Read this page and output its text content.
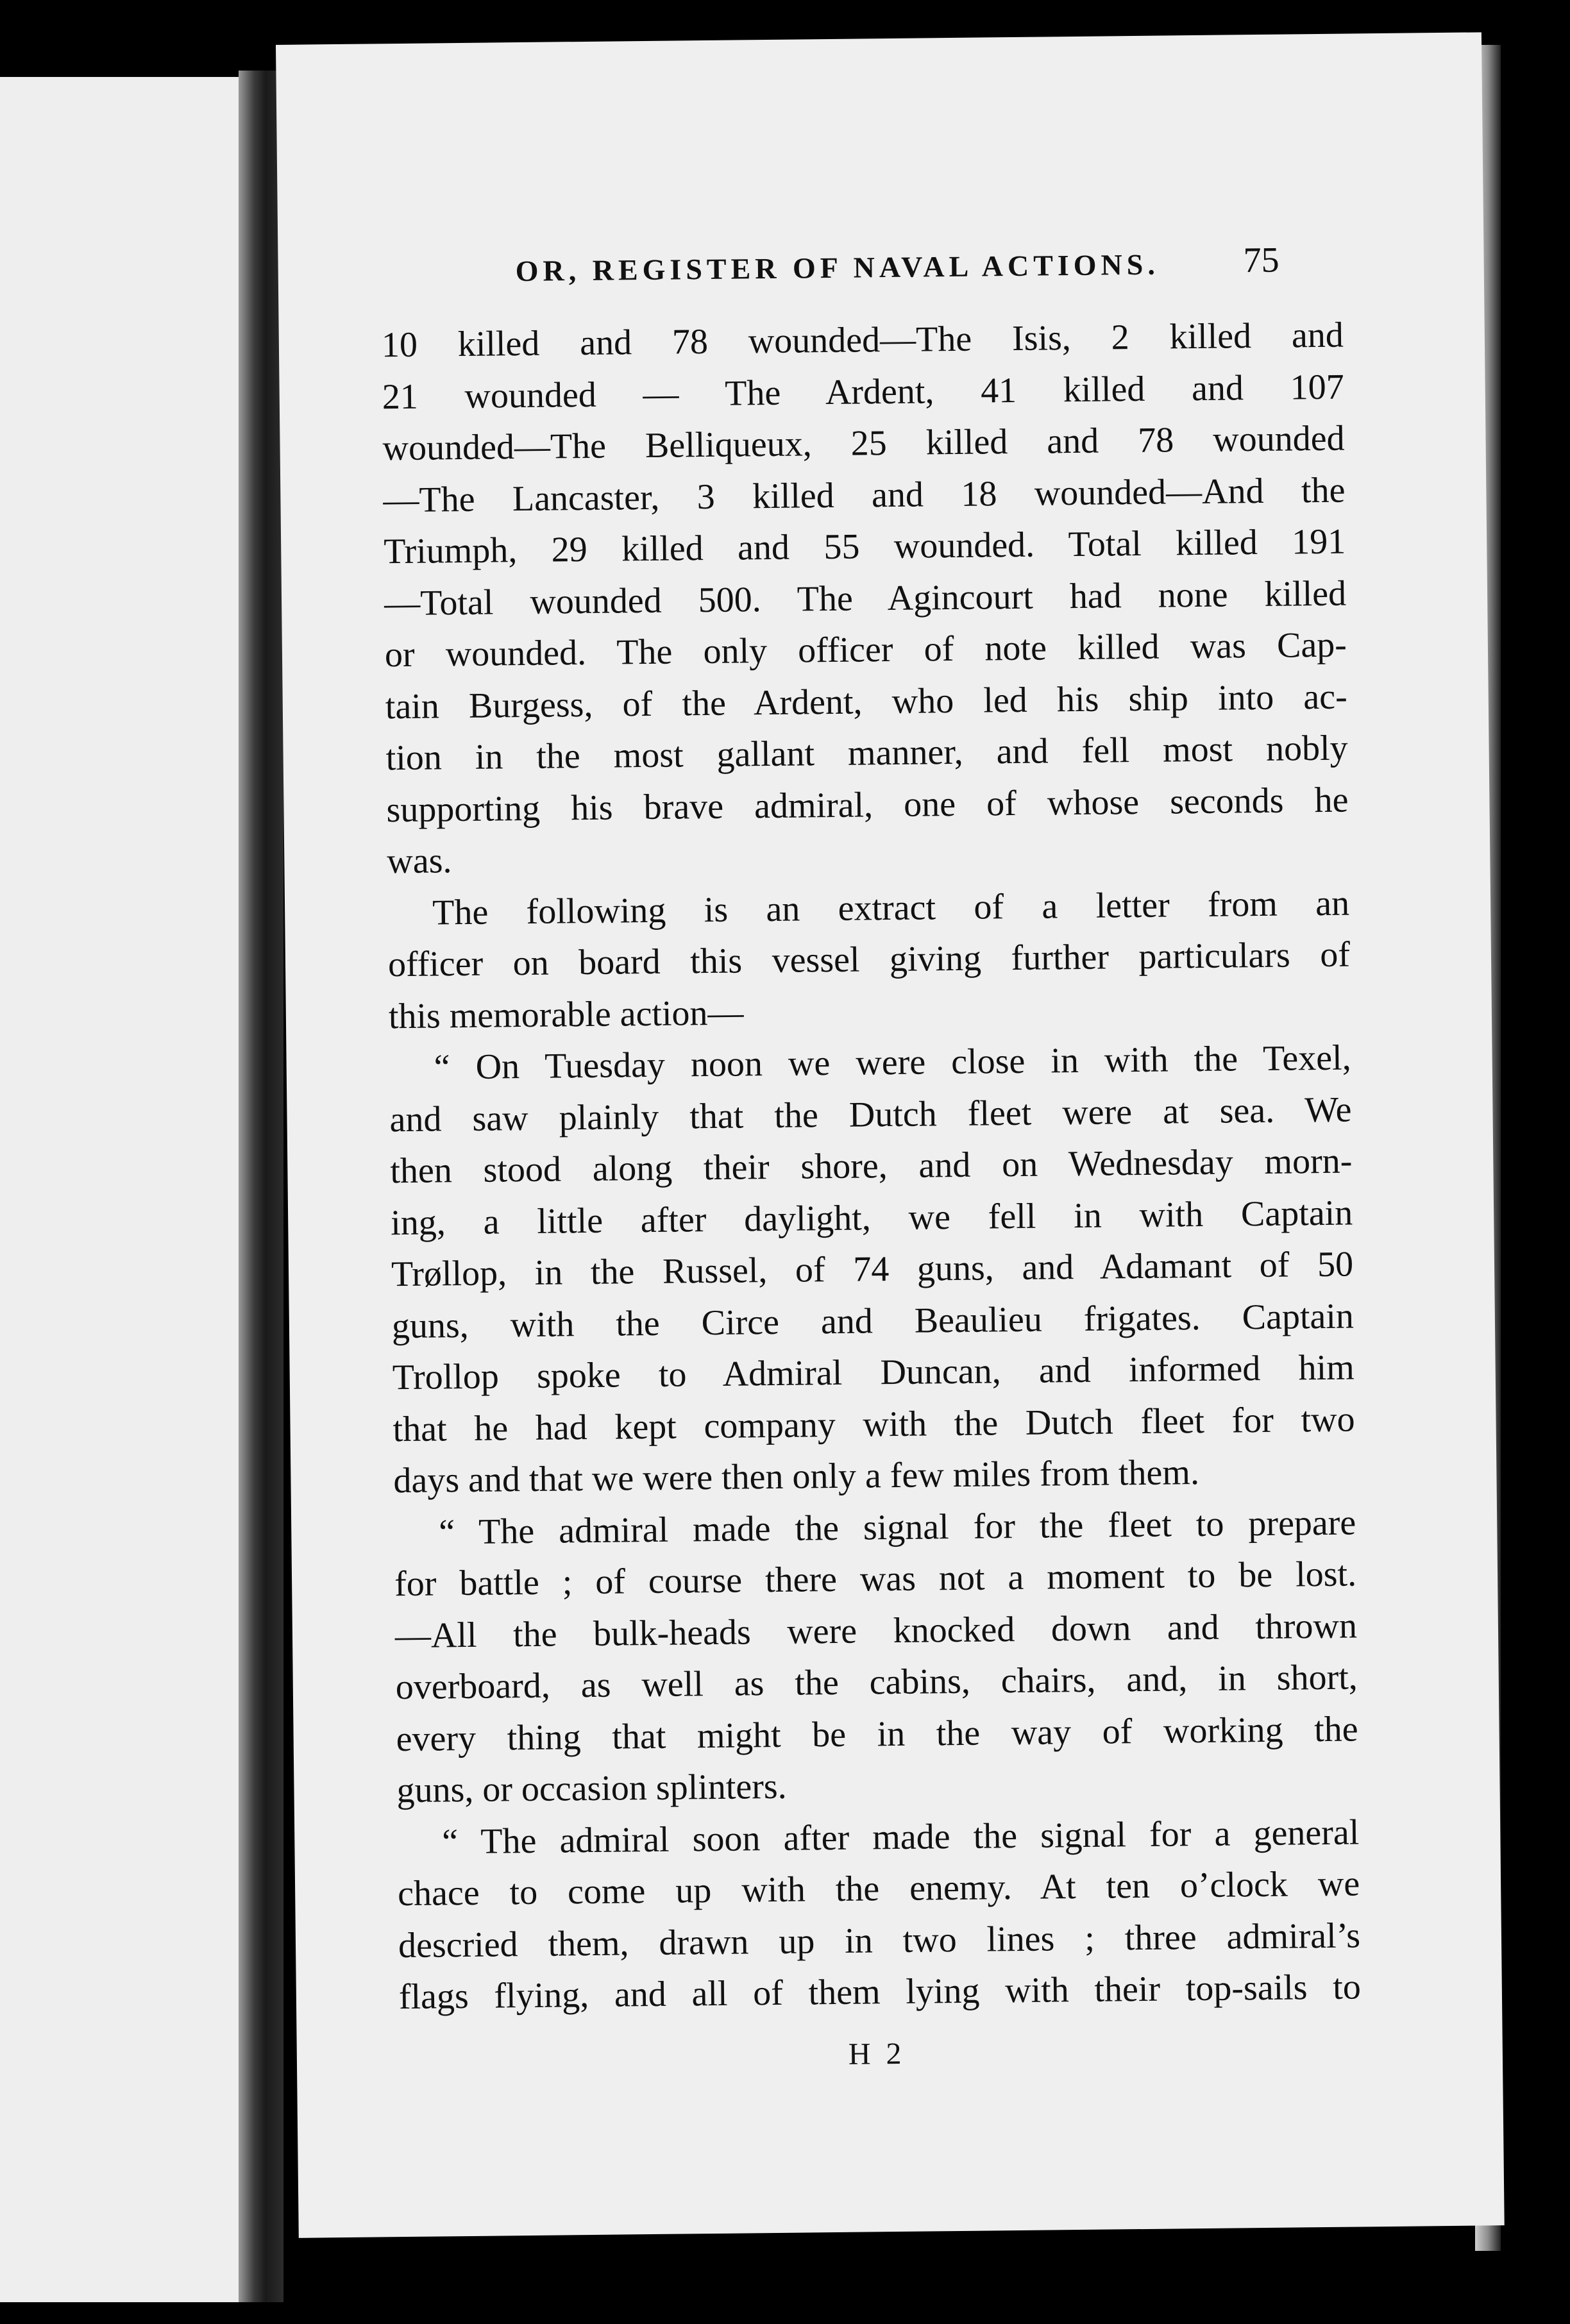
OR, REGISTER OF NAVAL ACTIONS.	75
10 killed and 78 wounded—The Isis, 2 killed and
21 wounded — The Ardent, 41 killed and 107
wounded—The Belliqueux, 25 killed and 78 wounded
—The Lancaster, 3 killed and 18 wounded—And the
Triumph, 29 killed and 55 wounded. Total killed 191
—Total wounded 500. The Agincourt had none killed
or wounded. The only officer of note killed was Cap-
tain Burgess, of the Ardent, who led his ship into ac-
tion in the most gallant manner, and fell most nobly
supporting his brave admiral, one of whose seconds he
was.
The following is an extract of a letter from an
officer on board this vessel giving further particulars of
this memorable action—
“ On Tuesday noon we were close in with the Texel,
and saw plainly that the Dutch fleet were at sea. We
then stood along their shore, and on Wednesday morn-
ing, a little after daylight, we fell in with Captain
Trøllop, in the Russel, of 74 guns, and Adamant of 50
guns, with the Circe and Beaulieu frigates. Captain
Trollop spoke to Admiral Duncan, and informed him
that he had kept company with the Dutch fleet for two
days and that we were then only a few miles from them.
“ The admiral made the signal for the fleet to prepare
for battle ; of course there was not a moment to be lost.
—All the bulk-heads were knocked down and thrown
overboard, as well as the cabins, chairs, and, in short,
every thing that might be in the way of working the
guns, or occasion splinters.
“ The admiral soon after made the signal for a general
chace to come up with the enemy. At ten o’clock we
descried them, drawn up in two lines ; three admiral’s
flags flying, and all of them lying with their top-sails to
H 2
